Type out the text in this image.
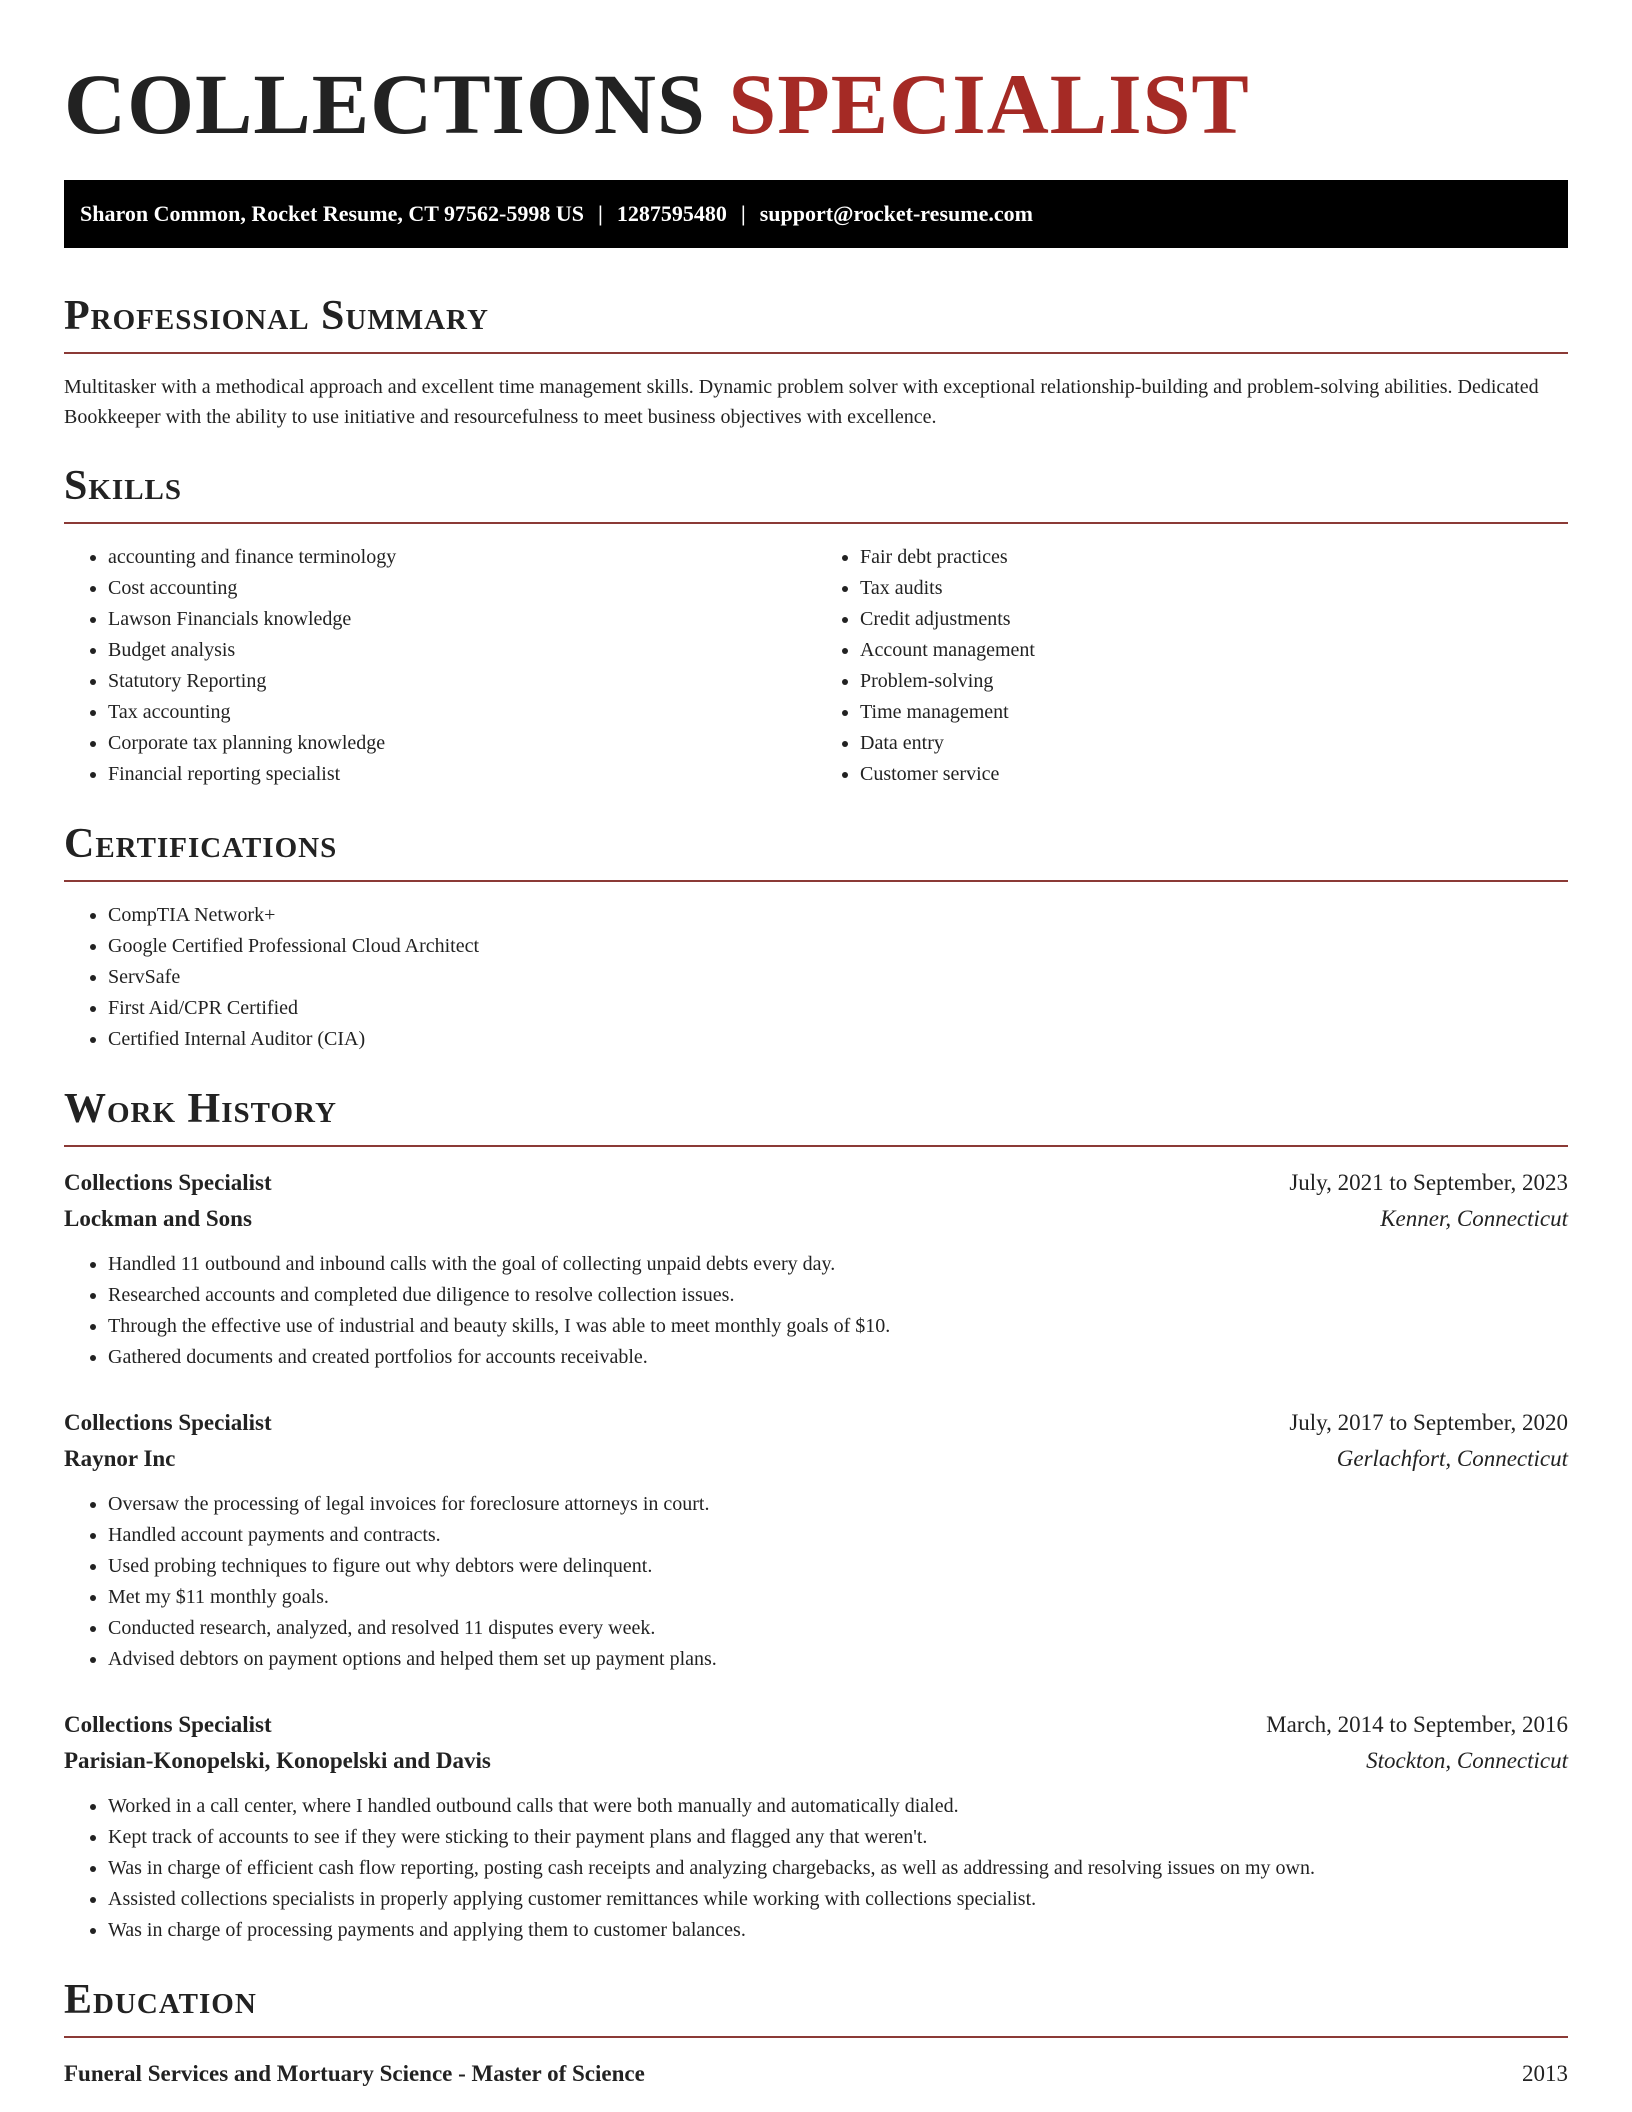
COLLECTIONS SPECIALIST
Sharon Common, Rocket Resume, CT 97562-5998 US | 1287595480 | support@rocket-resume.com
Professional Summary

Multitasker with a methodical approach and excellent time management skills. Dynamic problem solver with exceptional relationship-building and problem-solving abilities. Dedicated Bookkeeper with the ability to use initiative and resourcefulness to meet business objectives with excellence.

Skills
• accounting and finance terminology
• Cost accounting
• Lawson Financials knowledge
• Budget analysis
• Statutory Reporting
• Tax accounting
• Corporate tax planning knowledge
• Financial reporting specialist
• Fair debt practices
• Tax audits
• Credit adjustments
• Account management
• Problem-solving
• Time management
• Data entry
• Customer service
Certifications
• CompTIA Network+
• Google Certified Professional Cloud Architect
• ServSafe
• First Aid/CPR Certified
• Certified Internal Auditor (CIA)
Work History
Collections Specialist	July, 2021 to September, 2023
Lockman and Sons	Kenner, Connecticut
• Handled 11 outbound and inbound calls with the goal of collecting unpaid debts every day.
• Researched accounts and completed due diligence to resolve collection issues.
• Through the effective use of industrial and beauty skills, I was able to meet monthly goals of $10.
• Gathered documents and created portfolios for accounts receivable.
Collections Specialist	July, 2017 to September, 2020
Raynor Inc	Gerlachfort, Connecticut
• Oversaw the processing of legal invoices for foreclosure attorneys in court.
• Handled account payments and contracts.
• Used probing techniques to figure out why debtors were delinquent.
• Met my $11 monthly goals.
• Conducted research, analyzed, and resolved 11 disputes every week.
• Advised debtors on payment options and helped them set up payment plans.
Collections Specialist	March, 2014 to September, 2016
Parisian-Konopelski, Konopelski and Davis	Stockton, Connecticut
• Worked in a call center, where I handled outbound calls that were both manually and automatically dialed.
• Kept track of accounts to see if they were sticking to their payment plans and flagged any that weren't.
• Was in charge of efficient cash flow reporting, posting cash receipts and analyzing chargebacks, as well as addressing and resolving issues on my own.
• Assisted collections specialists in properly applying customer remittances while working with collections specialist.
• Was in charge of processing payments and applying them to customer balances.
Education
Funeral Services and Mortuary Science - Master of Science	2013
